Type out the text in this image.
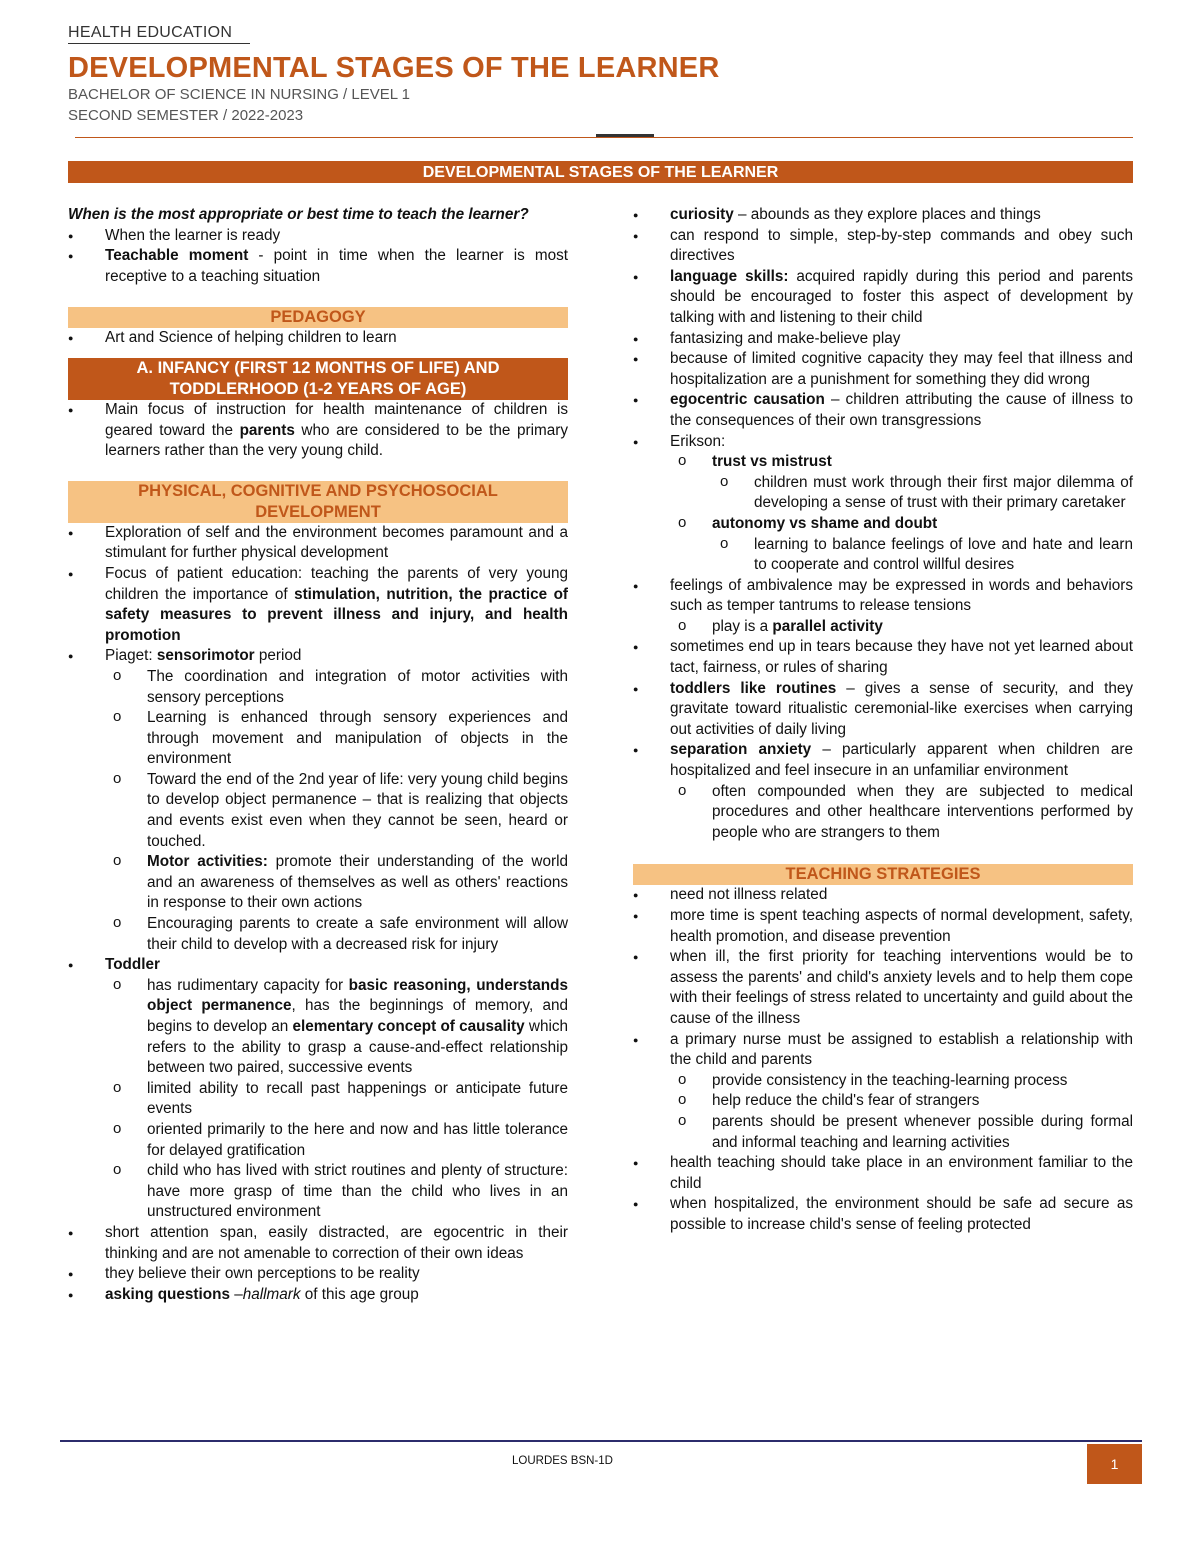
HEALTH EDUCATION
DEVELOPMENTAL STAGES OF THE LEARNER
BACHELOR OF SCIENCE IN NURSING / LEVEL 1
SECOND SEMESTER / 2022-2023
DEVELOPMENTAL STAGES OF THE LEARNER

When is the most appropriate or best time to teach the learner?

● When the learner is ready
● Teachable moment - point in time when the learner is most receptive to a teaching situation
PEDAGOGY
● Art and Science of helping children to learn
A. INFANCY (FIRST 12 MONTHS OF LIFE) AND
TODDLERHOOD (1-2 YEARS OF AGE)
● Main focus of instruction for health maintenance of children is geared toward the parents who are considered to be the primary learners rather than the very young child.
PHYSICAL, COGNITIVE AND PSYCHOSOCIAL
DEVELOPMENT
● Exploration of self and the environment becomes paramount and a stimulant for further physical development
● Focus of patient education: teaching the parents of very young children the importance of stimulation, nutrition, the practice of safety measures to prevent illness and injury, and health promotion
● Piaget: sensorimotor period
o The coordination and integration of motor activities with sensory perceptions
o Learning is enhanced through sensory experiences and through movement and manipulation of objects in the environment
o Toward the end of the 2nd year of life: very young child begins to develop object permanence – that is realizing that objects and events exist even when they cannot be seen, heard or touched.
o Motor activities: promote their understanding of the world and an awareness of themselves as well as others' reactions in response to their own actions
o Encouraging parents to create a safe environment will allow their child to develop with a decreased risk for injury
● Toddler
o has rudimentary capacity for basic reasoning, understands object permanence, has the beginnings of memory, and begins to develop an elementary concept of causality which refers to the ability to grasp a cause-and-effect relationship between two paired, successive events
o limited ability to recall past happenings or anticipate future events
o oriented primarily to the here and now and has little tolerance for delayed gratification
o child who has lived with strict routines and plenty of structure: have more grasp of time than the child who lives in an unstructured environment
● short attention span, easily distracted, are egocentric in their thinking and are not amenable to correction of their own ideas
● they believe their own perceptions to be reality
● asking questions –hallmark of this age group
● curiosity – abounds as they explore places and things
● can respond to simple, step-by-step commands and obey such directives
● language skills: acquired rapidly during this period and parents should be encouraged to foster this aspect of development by talking with and listening to their child
● fantasizing and make-believe play
● because of limited cognitive capacity they may feel that illness and hospitalization are a punishment for something they did wrong
● egocentric causation – children attributing the cause of illness to the consequences of their own transgressions
● Erikson:
o trust vs mistrust
o children must work through their first major dilemma of developing a sense of trust with their primary caretaker
o autonomy vs shame and doubt
o learning to balance feelings of love and hate and learn to cooperate and control willful desires
● feelings of ambivalence may be expressed in words and behaviors such as temper tantrums to release tensions
o play is a parallel activity
● sometimes end up in tears because they have not yet learned about tact, fairness, or rules of sharing
● toddlers like routines – gives a sense of security, and they gravitate toward ritualistic ceremonial-like exercises when carrying out activities of daily living
● separation anxiety – particularly apparent when children are hospitalized and feel insecure in an unfamiliar environment
o often compounded when they are subjected to medical procedures and other healthcare interventions performed by people who are strangers to them
TEACHING STRATEGIES
● need not illness related
● more time is spent teaching aspects of normal development, safety, health promotion, and disease prevention
● when ill, the first priority for teaching interventions would be to assess the parents' and child's anxiety levels and to help them cope with their feelings of stress related to uncertainty and guild about the cause of the illness
● a primary nurse must be assigned to establish a relationship with the child and parents
o provide consistency in the teaching-learning process
o help reduce the child's fear of strangers
o parents should be present whenever possible during formal and informal teaching and learning activities
● health teaching should take place in an environment familiar to the child
● when hospitalized, the environment should be safe ad secure as possible to increase child's sense of feeling protected
LOURDES BSN-1D	1
